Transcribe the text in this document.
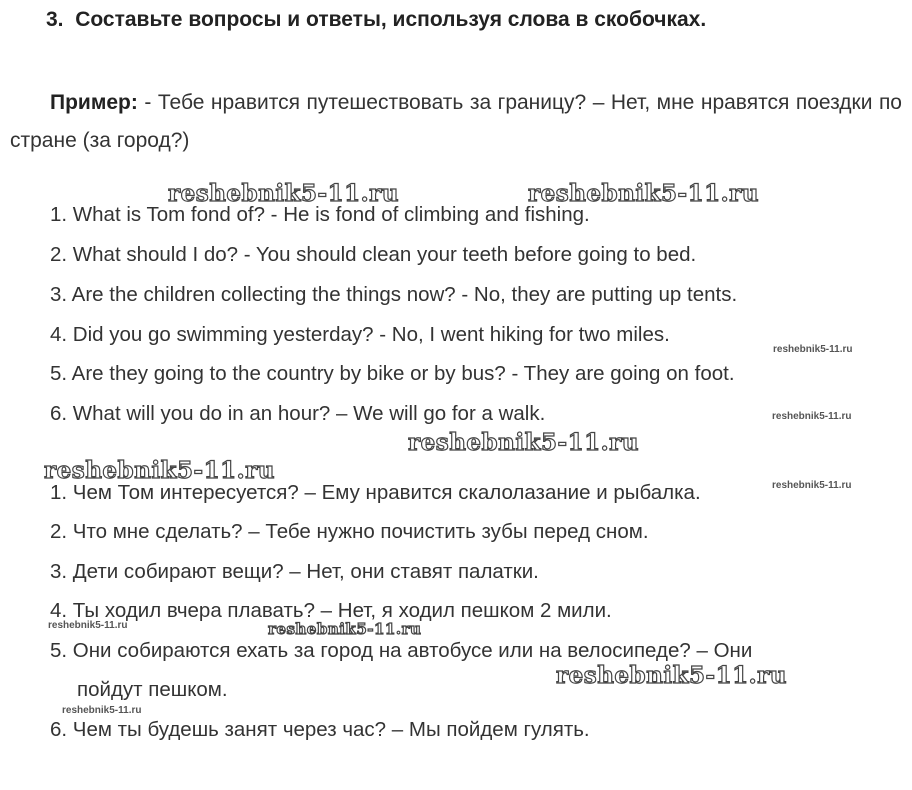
3. Составьте вопросы и ответы, используя слова в скобочках.
Пример: - Тебе нравится путешествовать за границу? – Нет, мне нравятся поездки по стране (за город?)
1. What is Tom fond of? - He is fond of climbing and fishing.
2. What should I do? - You should clean your teeth before going to bed.
3. Are the children collecting the things now? - No, they are putting up tents.
4. Did you go swimming yesterday? - No, I went hiking for two miles.
5. Are they going to the country by bike or by bus? - They are going on foot.
6. What will you do in an hour? – We will go for a walk.
1. Чем Том интересуется? – Ему нравится скалолазание и рыбалка.
2. Что мне сделать? – Тебе нужно почистить зубы перед сном.
3. Дети собирают вещи? – Нет, они ставят палатки.
4. Ты ходил вчера плавать? – Нет, я ходил пешком 2 мили.
5. Они собираются ехать за город на автобусе или на велосипеде? – Они
пойдут пешком.
6. Чем ты будешь занят через час? – Мы пойдем гулять.
reshebnik5-11.ru	reshebnik5-11.ru
reshebnik5-11.ru
reshebnik5-11.ru
reshebnik5-11.ru
reshebnik5-11.ru
reshebnik5-11.ru
reshebnik5-11.ru	reshebnik5-11.ru
reshebnik5-11.ru
reshebnik5-11.ru
